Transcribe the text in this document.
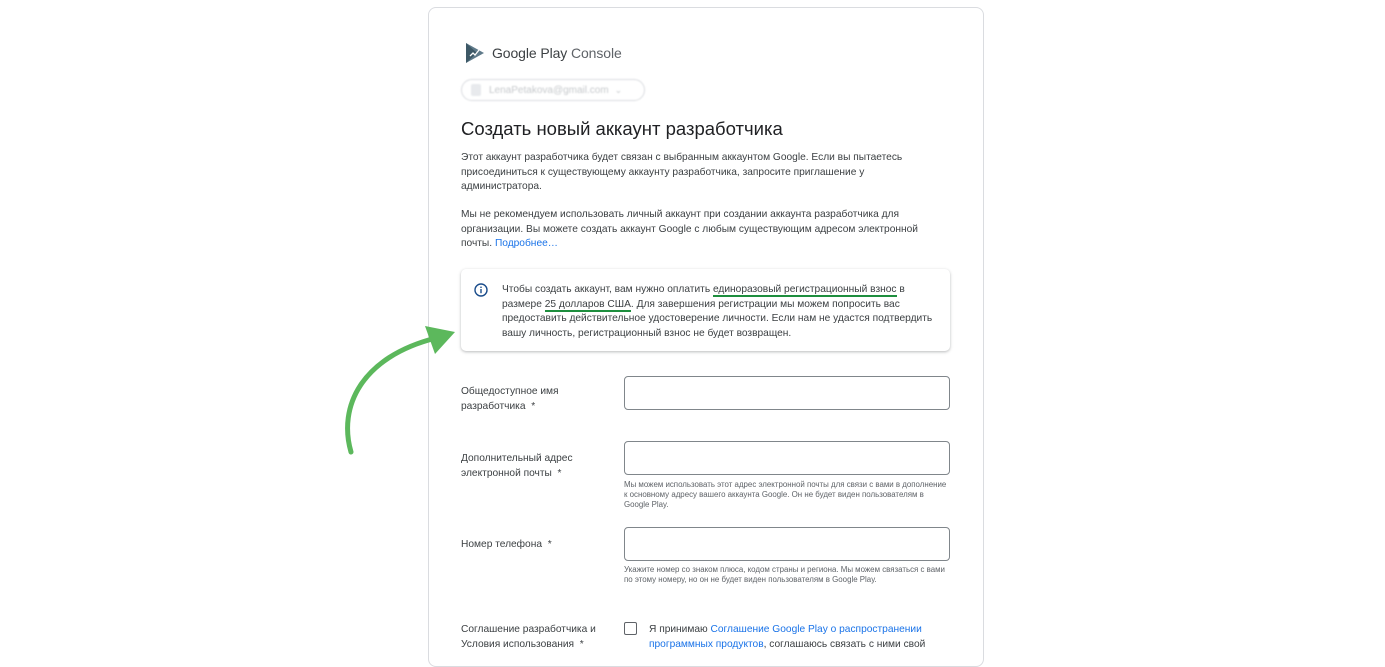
Google Play Console
LenaPetakova@gmail.com ⌄
Создать новый аккаунт разработчика
Этот аккаунт разработчика будет связан с выбранным аккаунтом Google. Если вы пытаетесь присоединиться к существующему аккаунту разработчика, запросите приглашение у администратора.
Мы не рекомендуем использовать личный аккаунт при создании аккаунта разработчика для организации. Вы можете создать аккаунт Google с любым существующим адресом электронной почты. Подробнее…
Чтобы создать аккаунт, вам нужно оплатить единоразовый регистрационный взнос в размере 25 долларов США. Для завершения регистрации мы можем попросить вас предоставить действительное удостоверение личности. Если нам не удастся подтвердить вашу личность, регистрационный взнос не будет возвращен.
Общедоступное имя разработчика *
Дополнительный адрес электронной почты *
Мы можем использовать этот адрес электронной почты для связи с вами в дополнение к основному адресу вашего аккаунта Google. Он не будет виден пользователям в Google Play.
Номер телефона *
Укажите номер со знаком плюса, кодом страны и региона. Мы можем связаться с вами по этому номеру, но он не будет виден пользователям в Google Play.
Соглашение разработчика и Условия использования *
Я принимаю Соглашение Google Play о распространении программных продуктов, соглашаюсь связать с ними свой
